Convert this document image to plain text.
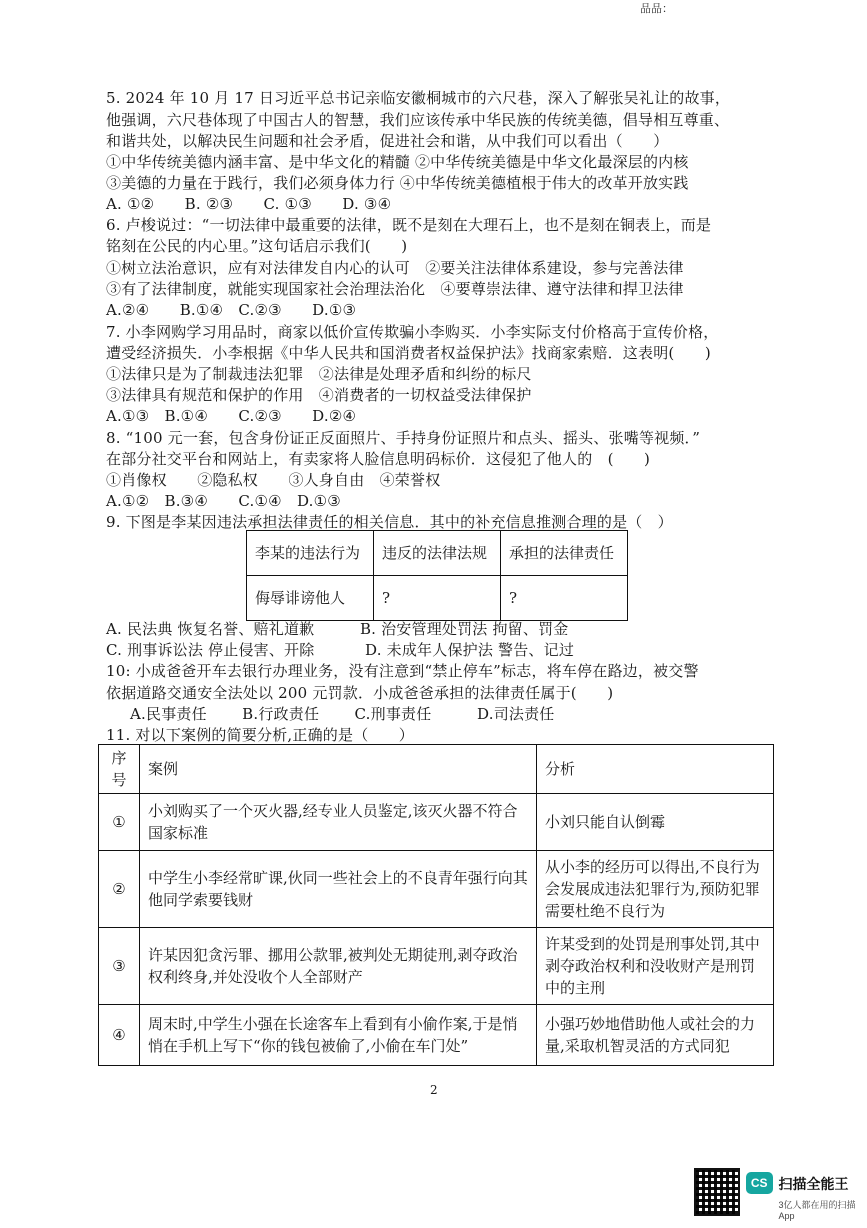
品品：
5. 2024 年 10 月 17 日习近平总书记亲临安徽桐城市的六尺巷，深入了解张吴礼让的故事，
他强调，六尺巷体现了中国古人的智慧，我们应该传承中华民族的传统美德，倡导相互尊重、
和谐共处，以解决民生问题和社会矛盾，促进社会和谐，从中我们可以看出（　　）
①中华传统美德内涵丰富、是中华文化的精髓 ②中华传统美德是中华文化最深层的内核
③美德的力量在于践行，我们必须身体力行 ④中华传统美德植根于伟大的改革开放实践
A. ①②　　B. ②③　　C. ①③　　D. ③④
6. 卢梭说过：“一切法律中最重要的法律，既不是刻在大理石上，也不是刻在铜表上，而是
铭刻在公民的内心里。”这句话启示我们(　　)
①树立法治意识，应有对法律发自内心的认可　②要关注法律体系建设，参与完善法律
③有了法律制度，就能实现国家社会治理法治化　④要尊崇法律、遵守法律和捍卫法律
A.②④　　B.①④　C.②③　　D.①③
7. 小李网购学习用品时，商家以低价宣传欺骗小李购买．小李实际支付价格高于宣传价格，
遭受经济损失．小李根据《中华人民共和国消费者权益保护法》找商家索赔．这表明(　　)
①法律只是为了制裁违法犯罪　②法律是处理矛盾和纠纷的标尺
③法律具有规范和保护的作用　④消费者的一切权益受法律保护
A.①③　B.①④　　C.②③　　D.②④
8. “100 元一套，包含身份证正反面照片、手持身份证照片和点头、摇头、张嘴等视频．”
在部分社交平台和网站上，有卖家将人脸信息明码标价．这侵犯了他人的　(　　)
①肖像权　　②隐私权　　③人身自由　④荣誉权
A.①②　B.③④　　C.①④　D.①③
9. 下图是李某因违法承担法律责任的相关信息．其中的补充信息推测合理的是（　）
李某的违法行为	违反的法律法规	承担的法律责任
侮辱诽谤他人	?	?
A. 民法典 恢复名誉、赔礼道歉　　　B. 治安管理处罚法 拘留、罚金
C. 刑事诉讼法 停止侵害、开除　　　 D. 未成年人保护法 警告、记过
10: 小成爸爸开车去银行办理业务，没有注意到“禁止停车”标志，将车停在路边，被交警
依据道路交通安全法处以 200 元罚款．小成爸爸承担的法律责任属于(　　)
A.民事责任　　 B.行政责任　　 C.刑事责任　　　D.司法责任
11. 对以下案例的简要分析,正确的是（　　）
序号	案例	分析
①	小刘购买了一个灭火器,经专业人员鉴定,该灭火器不符合国家标准	小刘只能自认倒霉
②	中学生小李经常旷课,伙同一些社会上的不良青年强行向其他同学索要钱财	从小李的经历可以得出,不良行为会发展成违法犯罪行为,预防犯罪需要杜绝不良行为
③	许某因犯贪污罪、挪用公款罪,被判处无期徒刑,剥夺政治权利终身,并处没收个人全部财产	许某受到的处罚是刑事处罚,其中剥夺政治权利和没收财产是刑罚中的主刑
④	周末时,中学生小强在长途客车上看到有小偷作案,于是悄悄在手机上写下“你的钱包被偷了,小偷在车门处”	小强巧妙地借助他人或社会的力量,采取机智灵活的方式同犯
2
CS 扫描全能王
3亿人都在用的扫描App
